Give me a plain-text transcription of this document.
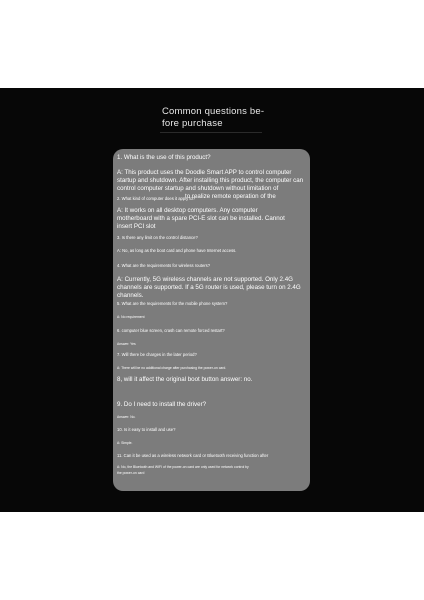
Common questions be-
fore purchase
1. What is the use of this product?
A: This product uses the Doodle Smart APP to control computer
startup and shutdown. After installing this product, the computer can
control computer startup and shutdown without limitation of
to realize remote operation of the
2. What kind of computer does it apply to?
A: It works on all desktop computers. Any computer
motherboard with a spare PCI-E slot can be installed. Cannot
insert PCI slot
3. Is there any limit on the control distance?
A: No, as long as the boot card and phone have Internet access.
4. What are the requirements for wireless routers?
A: Currently, 5G wireless channels are not supported. Only 2.4G
channels are supported. If a 5G router is used, please turn on 2.4G
channels.
5. What are the requirements for the mobile phone system?
A: No requirement
6. computer blue screen, crash can remote forced restart?
Answer: Yes
7. Will there be charges in the later period?
A: There will be no additional charge after purchasing the power-on card.
8, will it affect the original boot button answer: no.
9. Do I need to install the driver?
Answer: No.
10. Is it easy to install and use?
A: Simple.
11. Can it be used as a wireless network card or Bluetooth receiving function after
A: No, the Bluetooth and WIFI of the power-on card are only used for network control by
the power-on card
